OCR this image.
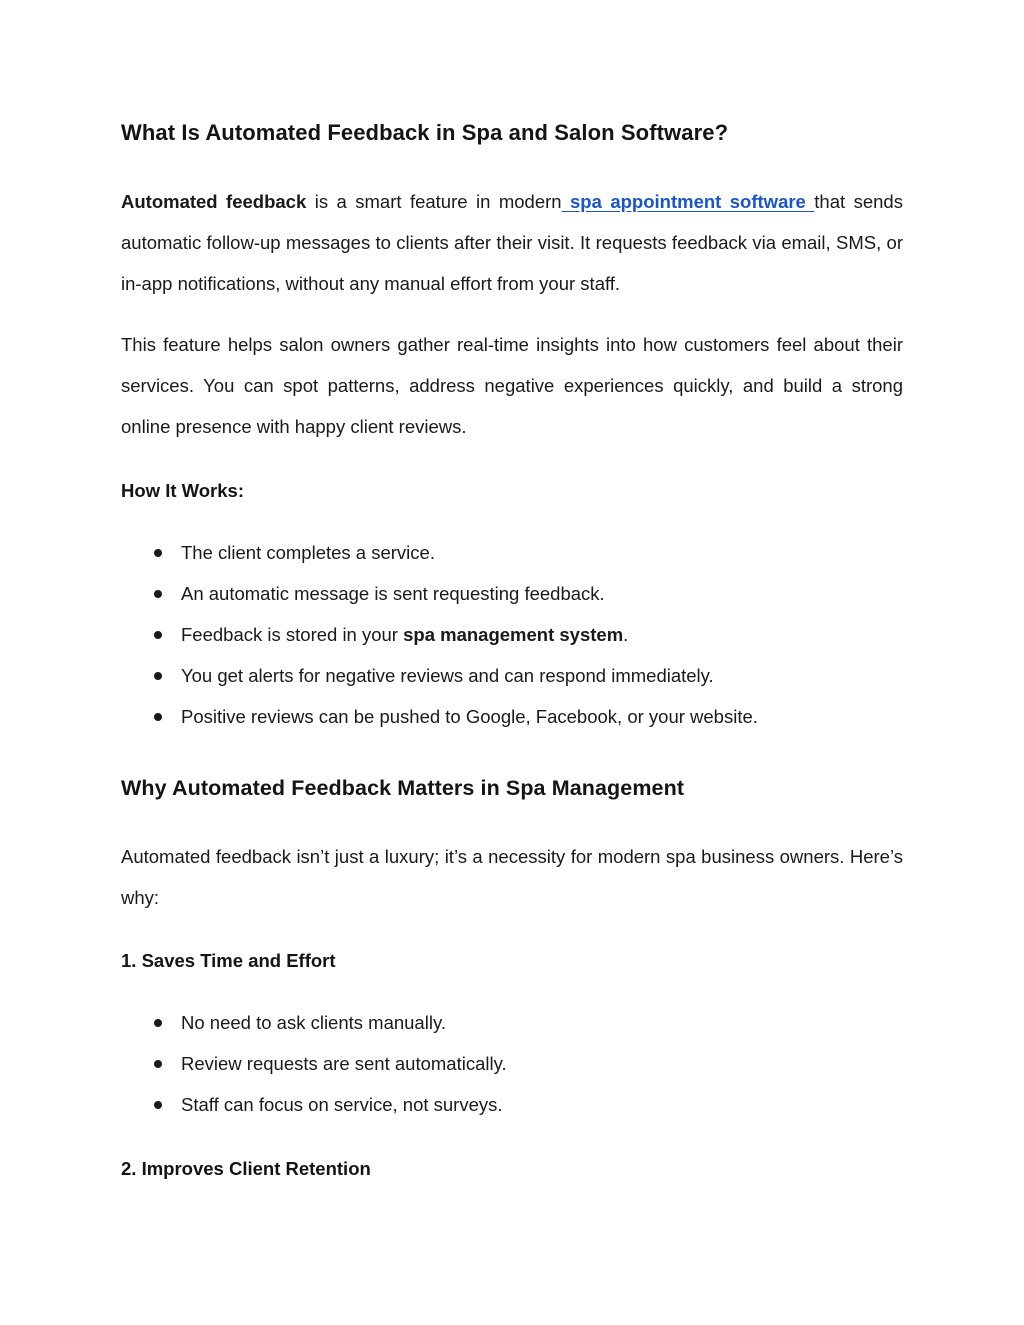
What Is Automated Feedback in Spa and Salon Software?

Automated feedback is a smart feature in modern spa appointment software that sends automatic follow-up messages to clients after their visit. It requests feedback via email, SMS, or in-app notifications, without any manual effort from your staff.

This feature helps salon owners gather real-time insights into how customers feel about their services. You can spot patterns, address negative experiences quickly, and build a strong online presence with happy client reviews.

How It Works:
The client completes a service.
An automatic message is sent requesting feedback.
Feedback is stored in your spa management system.
You get alerts for negative reviews and can respond immediately.
Positive reviews can be pushed to Google, Facebook, or your website.
Why Automated Feedback Matters in Spa Management

Automated feedback isn’t just a luxury; it’s a necessity for modern spa business owners. Here’s why:

1. Saves Time and Effort
No need to ask clients manually.
Review requests are sent automatically.
Staff can focus on service, not surveys.
2. Improves Client Retention
